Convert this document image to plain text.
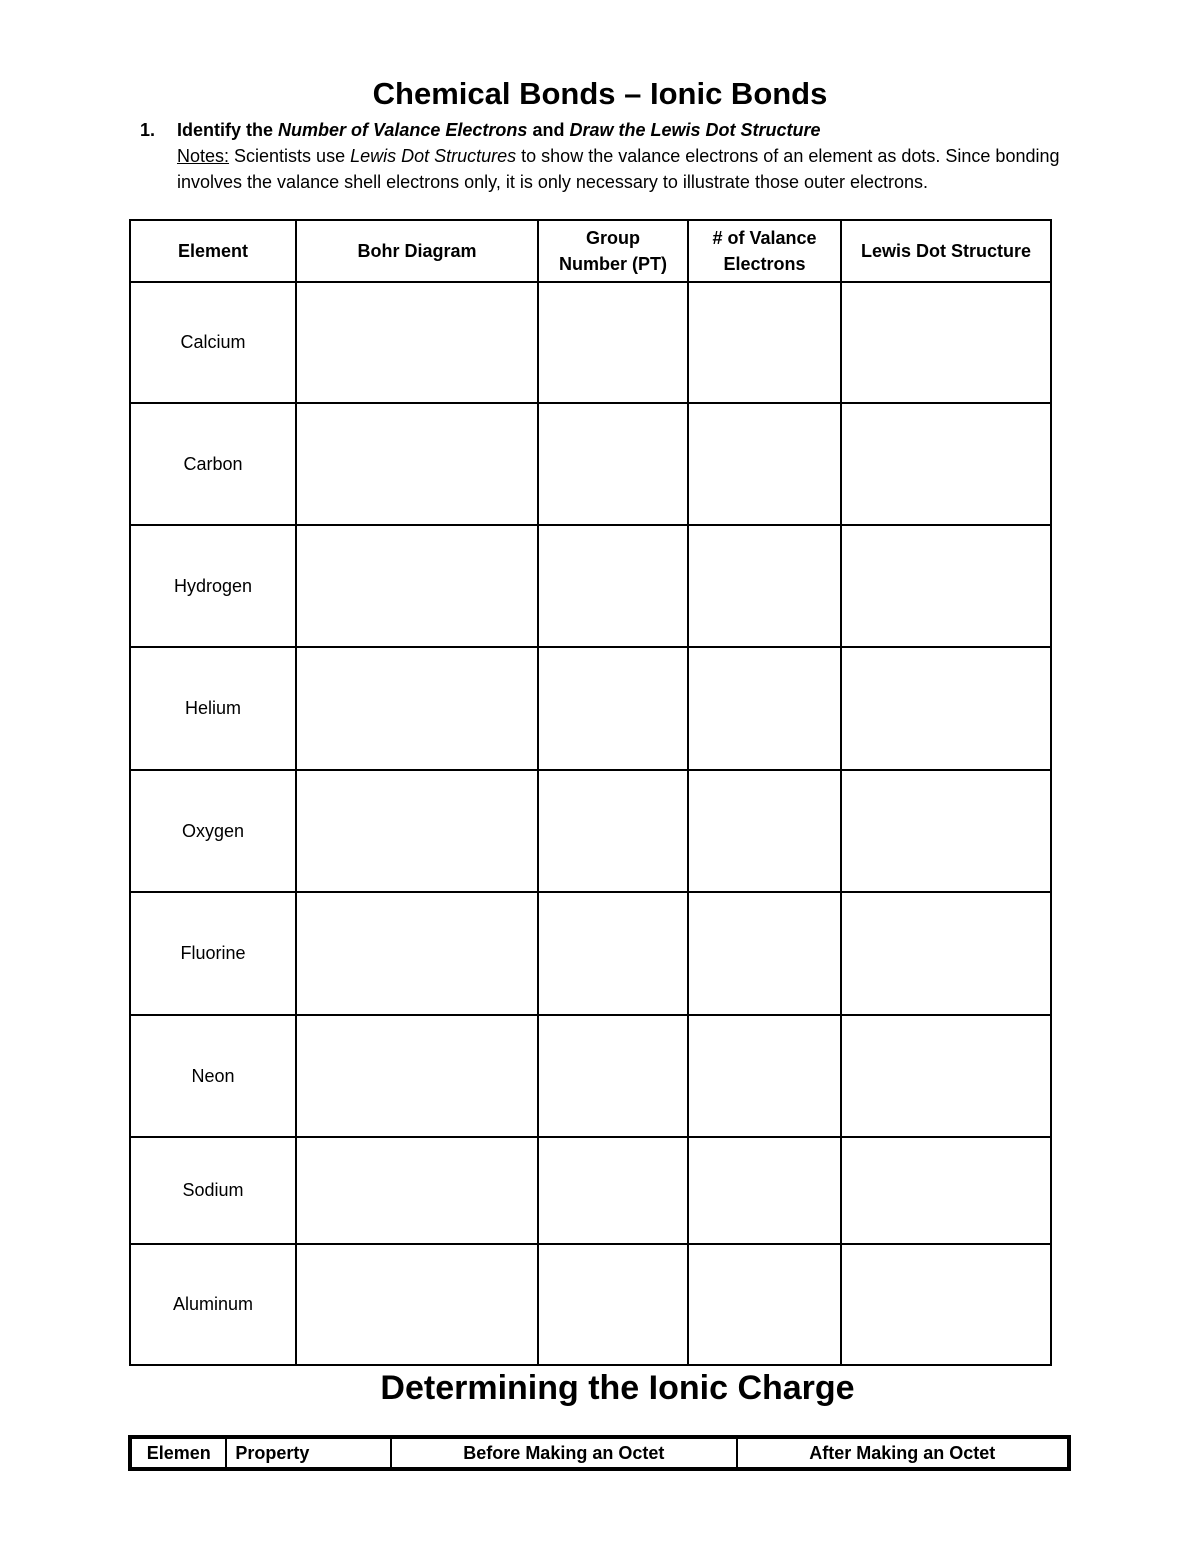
Chemical Bonds – Ionic Bonds
1. Identify the Number of Valance Electrons and Draw the Lewis Dot Structure
Notes: Scientists use Lewis Dot Structures to show the valance electrons of an element as dots. Since bonding involves the valance shell electrons only, it is only necessary to illustrate those outer electrons.
Element	Bohr Diagram	Group Number (PT)	# of Valance Electrons	Lewis Dot Structure
Calcium				
Carbon				
Hydrogen				
Helium				
Oxygen				
Fluorine				
Neon				
Sodium				
Aluminum				
Determining the Ionic Charge
Elemen	Property	Before Making an Octet	After Making an Octet
